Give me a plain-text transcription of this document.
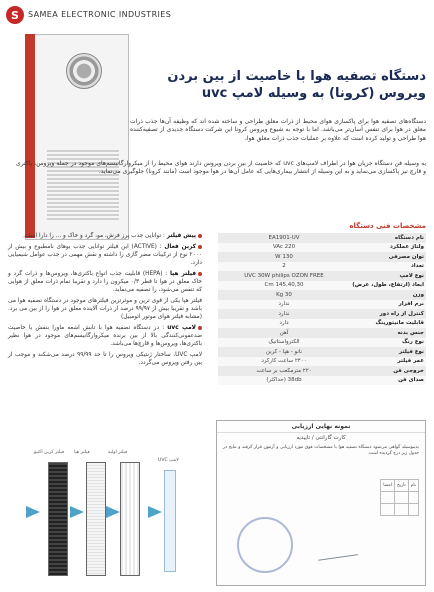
S	SAMEA ELECTRONIC INDUSTRIES
دستگاه تصفیه هوا با خاصیت از بین بردن
ویروس (کرونا) به وسیله لامپ uvc
دستگاه‌های تصفیه هوا برای پاکسازی هوای محیط از ذرات معلق طراحی و ساخته شده اند که وظیفه آن‌ها جذب ذرات معلق در هوا برای تنفس آسان‌تر می‌باشد. اما با توجه به شیوع ویروس کرونا این شرکت دستگاه جدیدی از تصفیه‌کننده هوا طراحی و تولید کرده است که علاوه بر عملیات جذب ذرات معلق هوا،
به وسیله فن دستگاه جریان هوا در اطراف لامپ‌های uvc که خاصیت از بین بردن ویروس دارند هوای محیط را از میکروارگانیسم‌های موجود در جمله ویروس، باکتری و قارچ نیز پاکسازی می‌نماید و به این وسیله از انتشار بیماری‌هایی که عامل آن‌ها در هوا موجود است (مانند کرونا) جلوگیری می‌نماید.
مشخصات فنی دستگاه
نام دستگاه	EA1901-UV
ولتاژ عملکرد	220 VAc
توان مصرفی	130 W
تعداد	2
نوع لامپ	UVC 30W philips OZON FREE
ابعاد (ارتفاع، طول، عرض)	145,40,30 Cm
وزن	30 Kg
نرم افزار	ندارد
کنترل از راه دور	ندارد
قابلیت مانیتورینگ	دارد
جنس بدنه	آهن
نوع رنگ	الکترواستاتیک
نوع فیلتر	نانو - هپا - کربن
عمر فیلتر	۲۴۰۰ ساعت کارکرد
خروجی فن	۲۲۰ مترمکعب بر ساعت
صدای فن	38db (حداکثر)
پیش فیلتر : توانایی جذب پرز فرش، مو، گرد و خاک و ... را دارا است.
کربن فعال : (ACTIVE) این فیلتر توانایی جذب بوهای نامطبوع و بیش از ۲۰۰۰ نوع از ترکیبات مضر گازی را داشته و نقش مهمی در جذب عوامل شیمیایی دارد.
فیلتر هپا : (HEPA) قابلیت جذب انواع باکتری‌ها، ویروس‌ها و ذرات گرد و خاک معلق در هوا تا قطر ۰/۳ میکرون را دارد و تقریبا تمام ذرات معلق از هوایی که تنفس می‌شود، را تصفیه می‌نماید.
فیلتر هپا یکی از قوی ترین و موثرترین فیلترهای موجود در دستگاه تصفیه هوا می باشد و تقریبا بیش از ۹۹/۹۷ درصد از ذرات آلاینده معلق در هوا را از بین می برد. (مشابه فیلتر هوای موتور اتومبیل)
لامپ uvc : در دستگاه تصفیه هوا با تابش اشعه ماورا بنفش با خاصیت ضدعفونی‌کنندگی بالا از بین برنده میکروارگانیسم‌های موجود در هوا نظیر باکتری‌ها، ویروس‌ها و قارچ‌ها می‌باشد.
لامپ UVC، ساختار ژنتیکی ویروس را تا حد ۹۹/۹۹ درصد می‌شکند و موجب از بین رفتن ویروس می‌گردد.
فیلتر اولیه
فیلتر هپا
فیلتر کربن اکتیو
لامپ UVC
نمونه نهایی ارزیابی
کارت گارانتی / تاییدیه
بدینوسیله گواهی می‌شود دستگاه تصفیه هوا با مشخصات فوق مورد ارزیابی و آزمون قرار گرفته و نتایج در جدول زیر درج گردیده است.
نام	تاریخ	امضا
